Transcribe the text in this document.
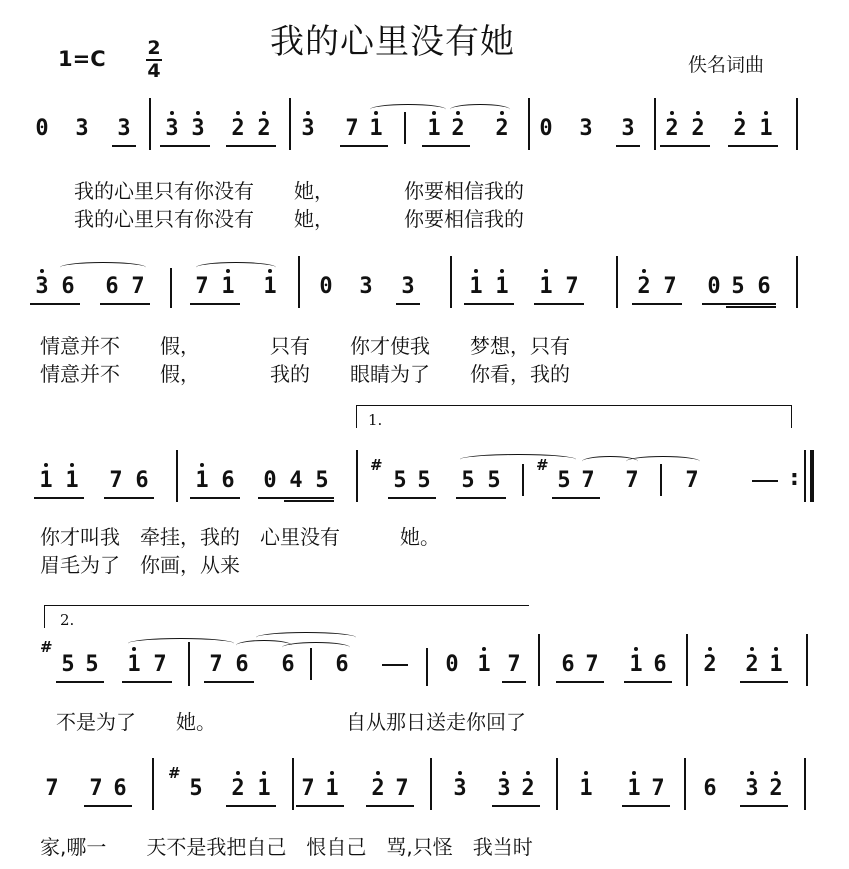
我的心里没有她
1=C 2
4	佚名词曲
0 3 3 3 3 2 2 3 7 1 1 2 2 0 3 3 2 2 2 1
我的心里只有你没有　　她，　　　　你要相信我的
我的心里只有你没有　　她，　　　　你要相信我的
3 6 6 7 7 1 1 0 3 3 1 1 1 7	2 7 0 5 6
情意并不　　假，　　　　只有　　你才使我　　梦想，只有
情意并不　　假，　　　　我的　　眼睛为了　　你看，我的
1.
1 1 7 6 1 6 0 4 5
#
5 5 5 5
#
5 7 7 7	:
你才叫我　牵挂，我的　心里没有　　　她。
眉毛为了　你画，从来
2.
#
5 5 1 7 7 6 6 6	0 1 7 6 7 1 6 2 2 1
不是为了　　她。　　　　　　　自从那日送走你回了
7 7 6
#
5 2 1 7 1 2 7 3 3 2 1 1 7 6 3 2
家,哪一　　天不是我把自己　恨自己　骂,只怪　我当时
